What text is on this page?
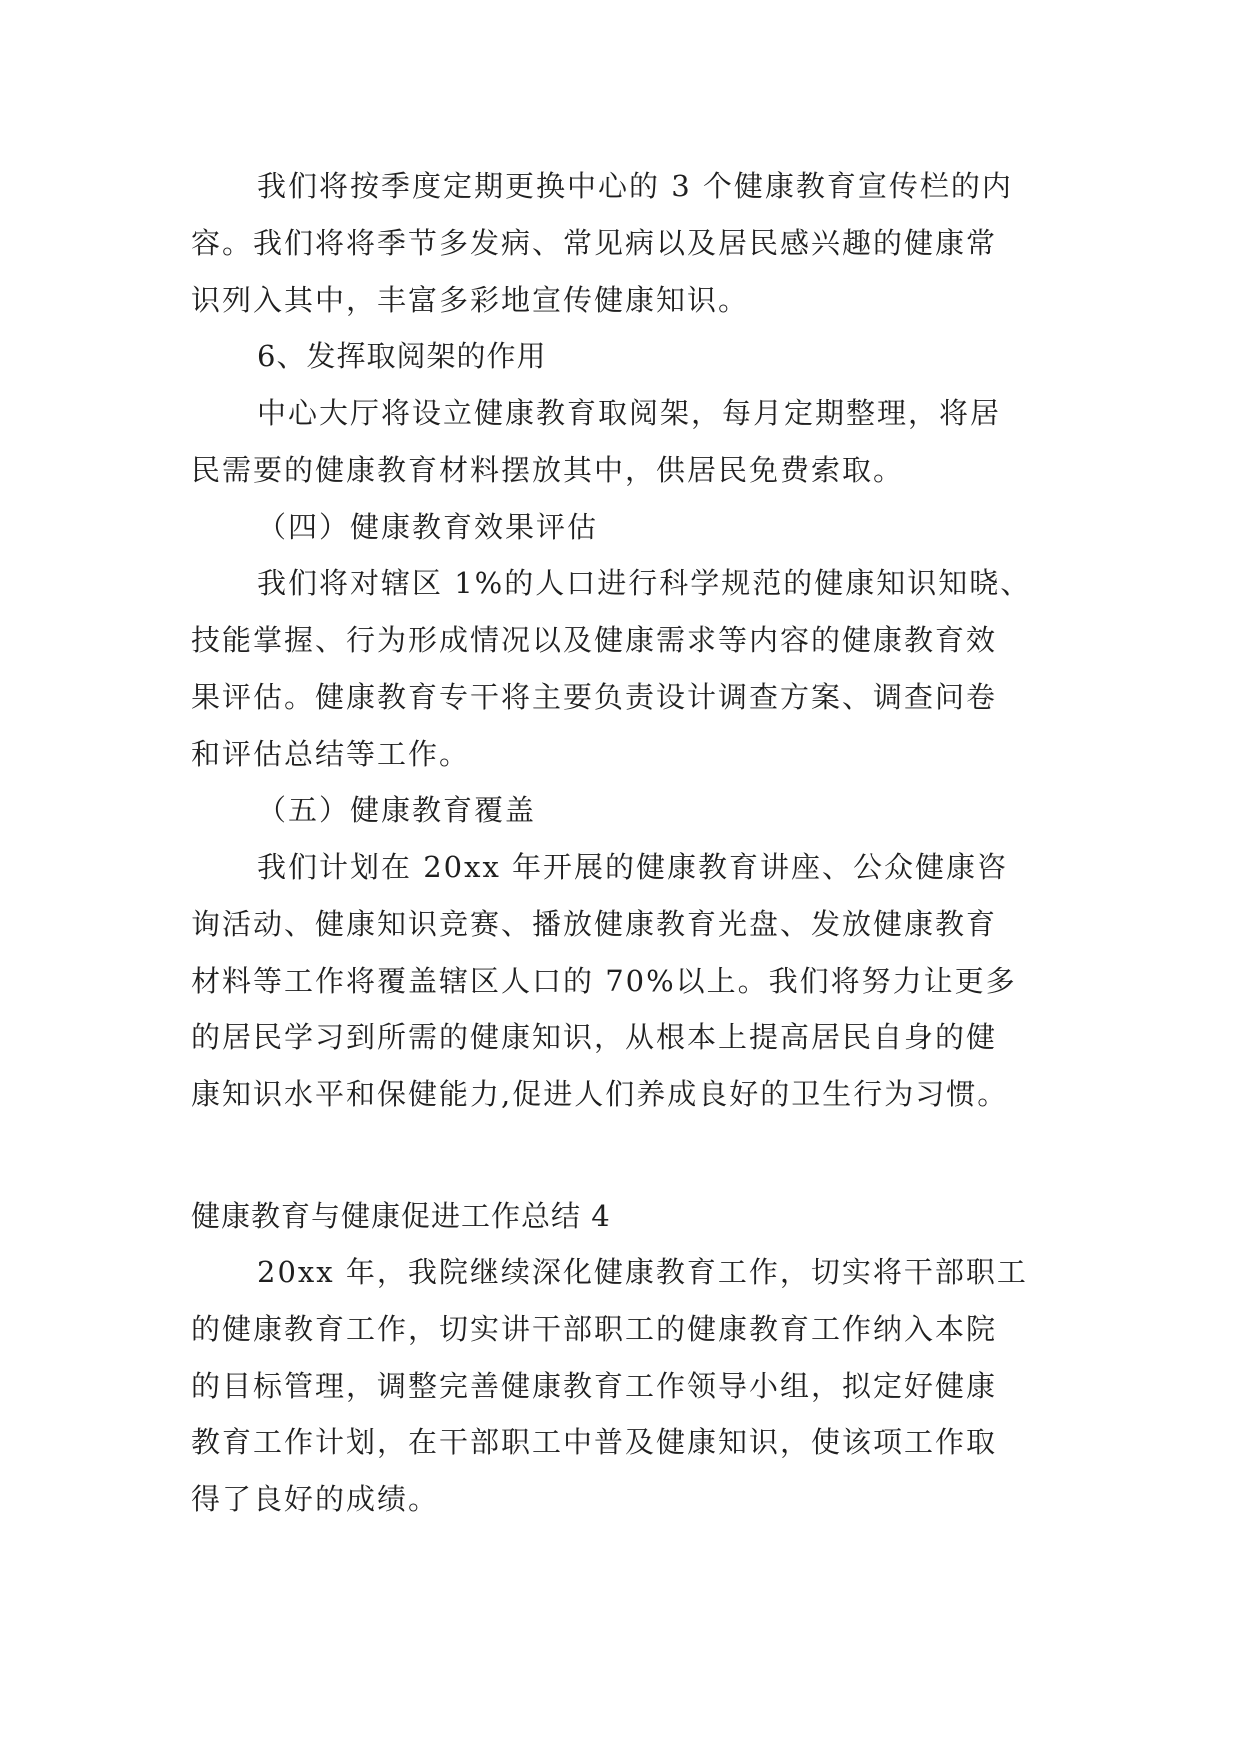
我们将按季度定期更换中心的 3 个健康教育宣传栏的内
容。我们将将季节多发病、常见病以及居民感兴趣的健康常
识列入其中，丰富多彩地宣传健康知识。
6、发挥取阅架的作用
中心大厅将设立健康教育取阅架，每月定期整理，将居
民需要的健康教育材料摆放其中，供居民免费索取。
（四）健康教育效果评估
我们将对辖区 1%的人口进行科学规范的健康知识知晓、
技能掌握、行为形成情况以及健康需求等内容的健康教育效
果评估。健康教育专干将主要负责设计调查方案、调查问卷
和评估总结等工作。
（五）健康教育覆盖
我们计划在 20xx 年开展的健康教育讲座、公众健康咨
询活动、健康知识竞赛、播放健康教育光盘、发放健康教育
材料等工作将覆盖辖区人口的 70%以上。我们将努力让更多
的居民学习到所需的健康知识，从根本上提高居民自身的健
康知识水平和保健能力,促进人们养成良好的卫生行为习惯。
健康教育与健康促进工作总结 4
20xx 年，我院继续深化健康教育工作，切实将干部职工
的健康教育工作，切实讲干部职工的健康教育工作纳入本院
的目标管理，调整完善健康教育工作领导小组，拟定好健康
教育工作计划，在干部职工中普及健康知识，使该项工作取
得了良好的成绩。
